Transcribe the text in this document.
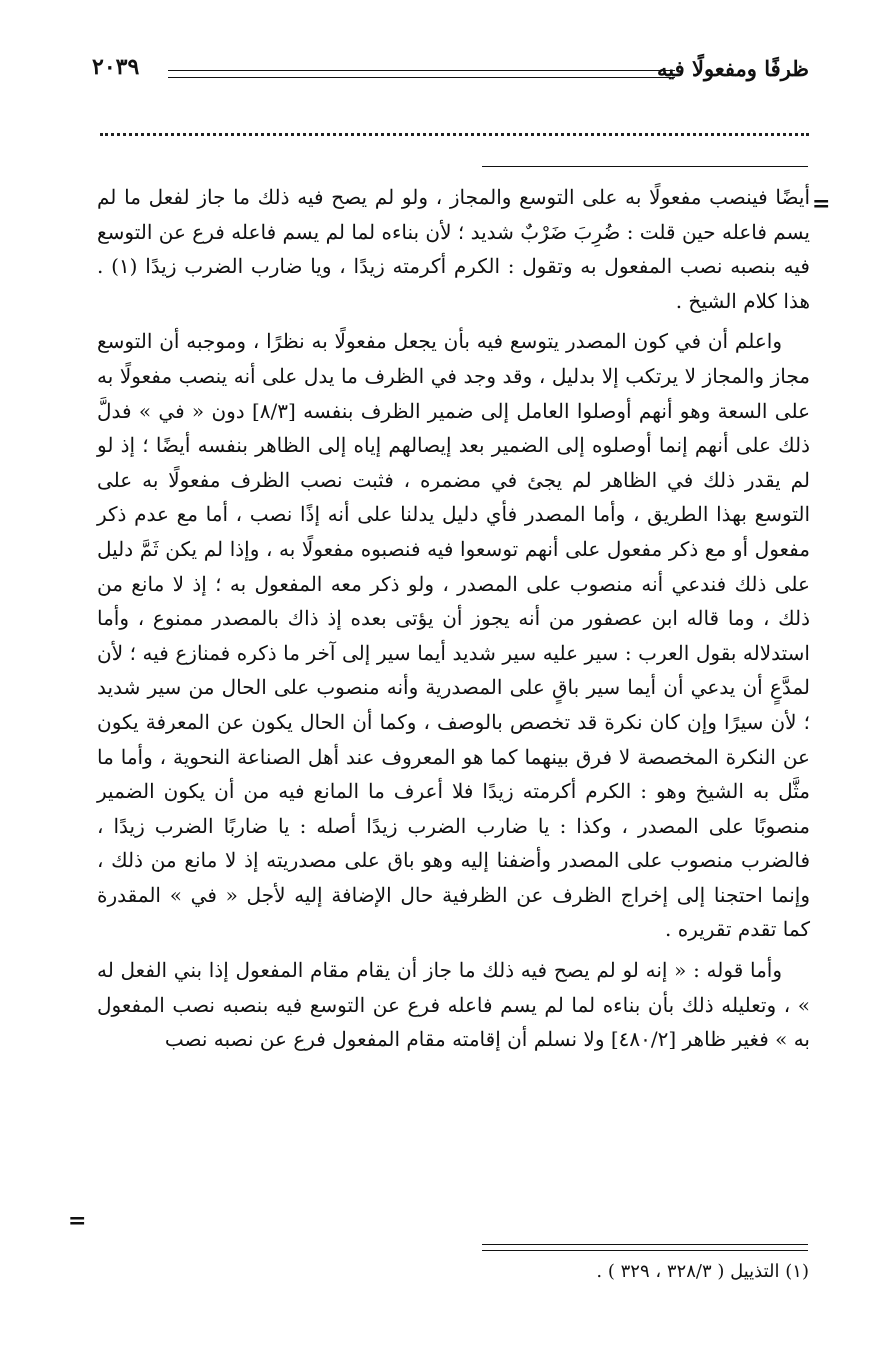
ظرفًا ومفعولًا فيه
٢٠٣٩
=

أيضًا فينصب مفعولًا به على التوسع والمجاز ، ولو لم يصح فيه ذلك ما جاز لفعل ما لم يسم فاعله حين قلت : ضُرِبَ ضَرْبٌ شديد ؛ لأن بناءه لما لم يسم فاعله فرع عن التوسع فيه بنصبه نصب المفعول به وتقول : الكرم أكرمته زيدًا ، ويا ضارب الضرب زيدًا (١) . هذا كلام الشيخ .

واعلم أن في كون المصدر يتوسع فيه بأن يجعل مفعولًا به نظرًا ، وموجبه أن التوسع مجاز والمجاز لا يرتكب إلا بدليل ، وقد وجد في الظرف ما يدل على أنه ينصب مفعولًا به على السعة وهو أنهم أوصلوا العامل إلى ضمير الظرف بنفسه [٨/٣] دون « في » فدلَّ ذلك على أنهم إنما أوصلوه إلى الضمير بعد إيصالهم إياه إلى الظاهر بنفسه أيضًا ؛ إذ لو لم يقدر ذلك في الظاهر لم يجئ في مضمره ، فثبت نصب الظرف مفعولًا به على التوسع بهذا الطريق ، وأما المصدر فأي دليل يدلنا على أنه إذًا نصب ، أما مع عدم ذكر مفعول أو مع ذكر مفعول على أنهم توسعوا فيه فنصبوه مفعولًا به ، وإذا لم يكن ثَمَّ دليل على ذلك فندعي أنه منصوب على المصدر ، ولو ذكر معه المفعول به ؛ إذ لا مانع من ذلك ، وما قاله ابن عصفور من أنه يجوز أن يؤتى بعده إذ ذاك بالمصدر ممنوع ، وأما استدلاله بقول العرب : سير عليه سير شديد أيما سير إلى آخر ما ذكره فمنازع فيه ؛ لأن لمدَّعٍ أن يدعي أن أيما سير باقٍ على المصدرية وأنه منصوب على الحال من سير شديد ؛ لأن سيرًا وإن كان نكرة قد تخصص بالوصف ، وكما أن الحال يكون عن المعرفة يكون عن النكرة المخصصة لا فرق بينهما كما هو المعروف عند أهل الصناعة النحوية ، وأما ما مثَّل به الشيخ وهو : الكرم أكرمته زيدًا فلا أعرف ما المانع فيه من أن يكون الضمير منصوبًا على المصدر ، وكذا : يا ضارب الضرب زيدًا أصله : يا ضاربًا الضرب زيدًا ، فالضرب منصوب على المصدر وأضفنا إليه وهو باق على مصدريته إذ لا مانع من ذلك ، وإنما احتجنا إلى إخراج الظرف عن الظرفية حال الإضافة إليه لأجل « في » المقدرة كما تقدم تقريره .

وأما قوله : « إنه لو لم يصح فيه ذلك ما جاز أن يقام مقام المفعول إذا بني الفعل له » ، وتعليله ذلك بأن بناءه لما لم يسم فاعله فرع عن التوسع فيه بنصبه نصب المفعول به » فغير ظاهر [٤٨٠/٢] ولا نسلم أن إقامته مقام المفعول فرع عن نصبه نصب

=
(١) التذييل ( ٣٢٨/٣ ، ٣٢٩ ) .
